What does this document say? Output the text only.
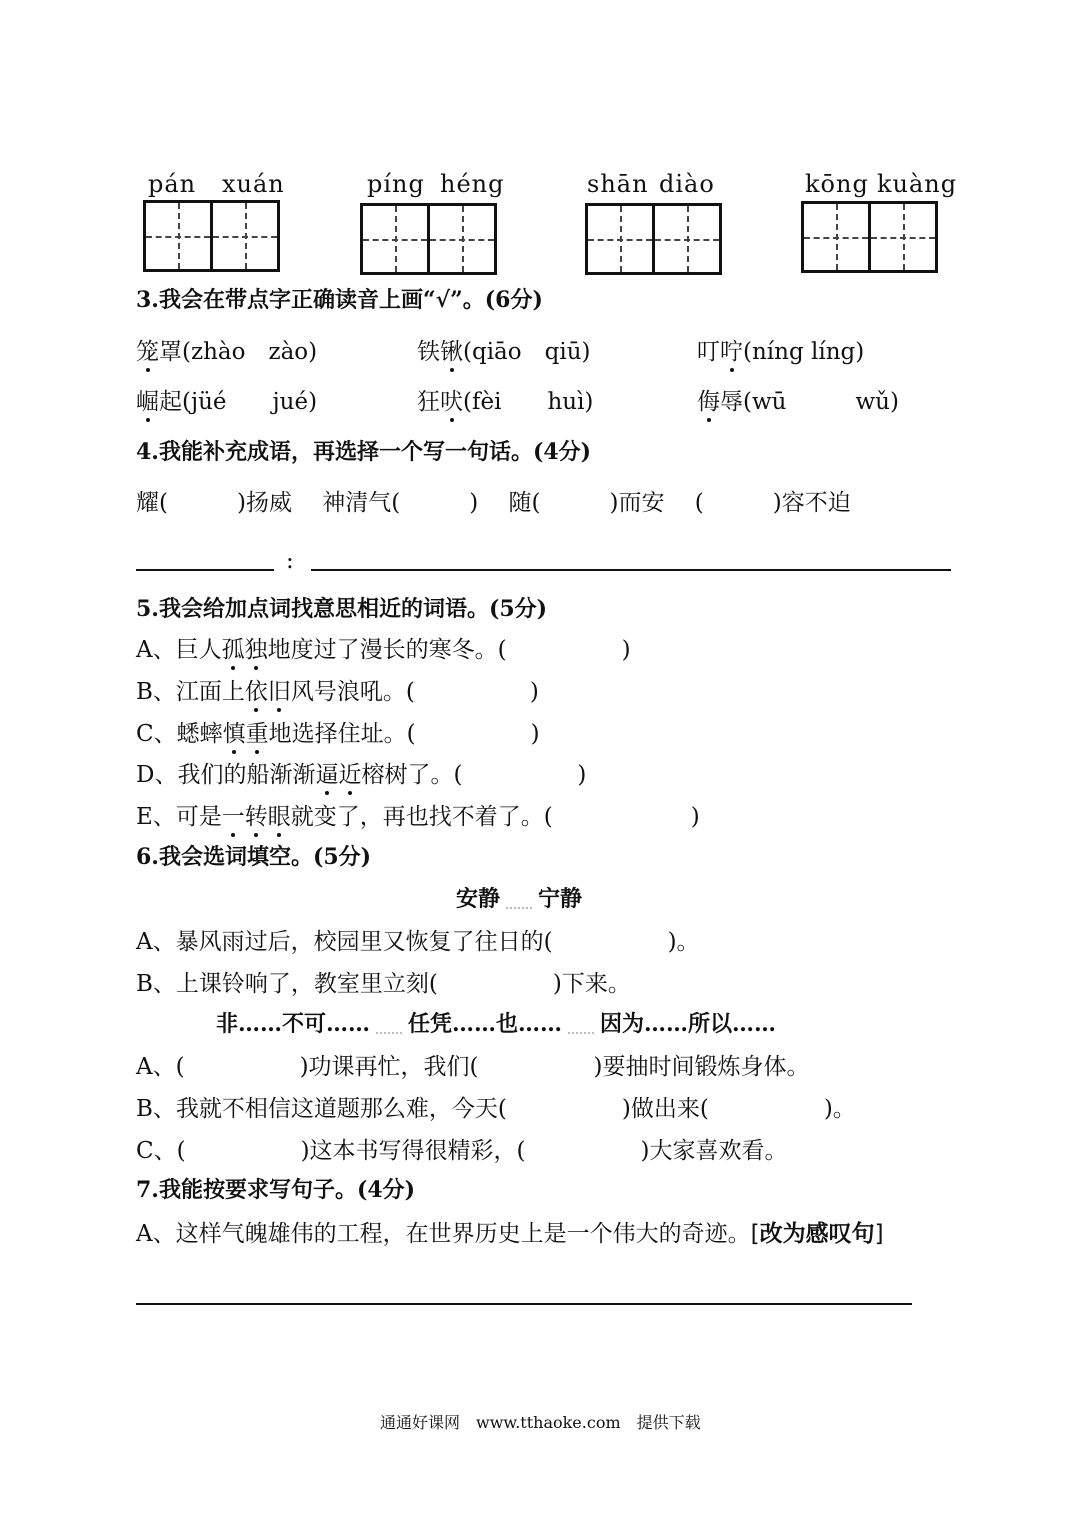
pán xuán	píng héng	shān diào	kōng kuàng
3.我会在带点字正确读音上画“√”。(6分)
笼罩(zhào　zào)	铁锹(qiāo　qiū)	叮咛(níng líng)
崛起(jüé　　jué)	狂吠(fèi　　huì)	侮辱(wū　　　wǔ)
4.我能补充成语，再选择一个写一句话。(4分)
耀(　　　)扬威　 神清气(　　　)　 随(　　　)而安　 (　　　)容不迫
:
5.我会给加点词找意思相近的词语。(5分)
A、巨人孤独地度过了漫长的寒冬。(　　　　　)
B、江面上依旧风号浪吼。(　　　　　)
C、蟋蟀慎重地选择住址。(　　　　　)
D、我们的船渐渐逼近榕树了。(　　　　　)
E、可是一转眼就变了，再也找不着了。(　　　　　　)
6.我会选词填空。(5分)
安静 宁静
A、暴风雨过后，校园里又恢复了往日的(　　　　　)。
B、上课铃响了，教室里立刻(　　　　　)下来。
非……不可…… 任凭……也…… 因为……所以……
A、(　　　　　)功课再忙，我们(　　　　　)要抽时间锻炼身体。
B、我就不相信这道题那么难，今天(　　　　　)做出来(　　　　　)。
C、(　　　　　)这本书写得很精彩，(　　　　　)大家喜欢看。
7.我能按要求写句子。(4分)
A、这样气魄雄伟的工程，在世界历史上是一个伟大的奇迹。[改为感叹句]
通通好课网　www.tthaoke.com　提供下载
